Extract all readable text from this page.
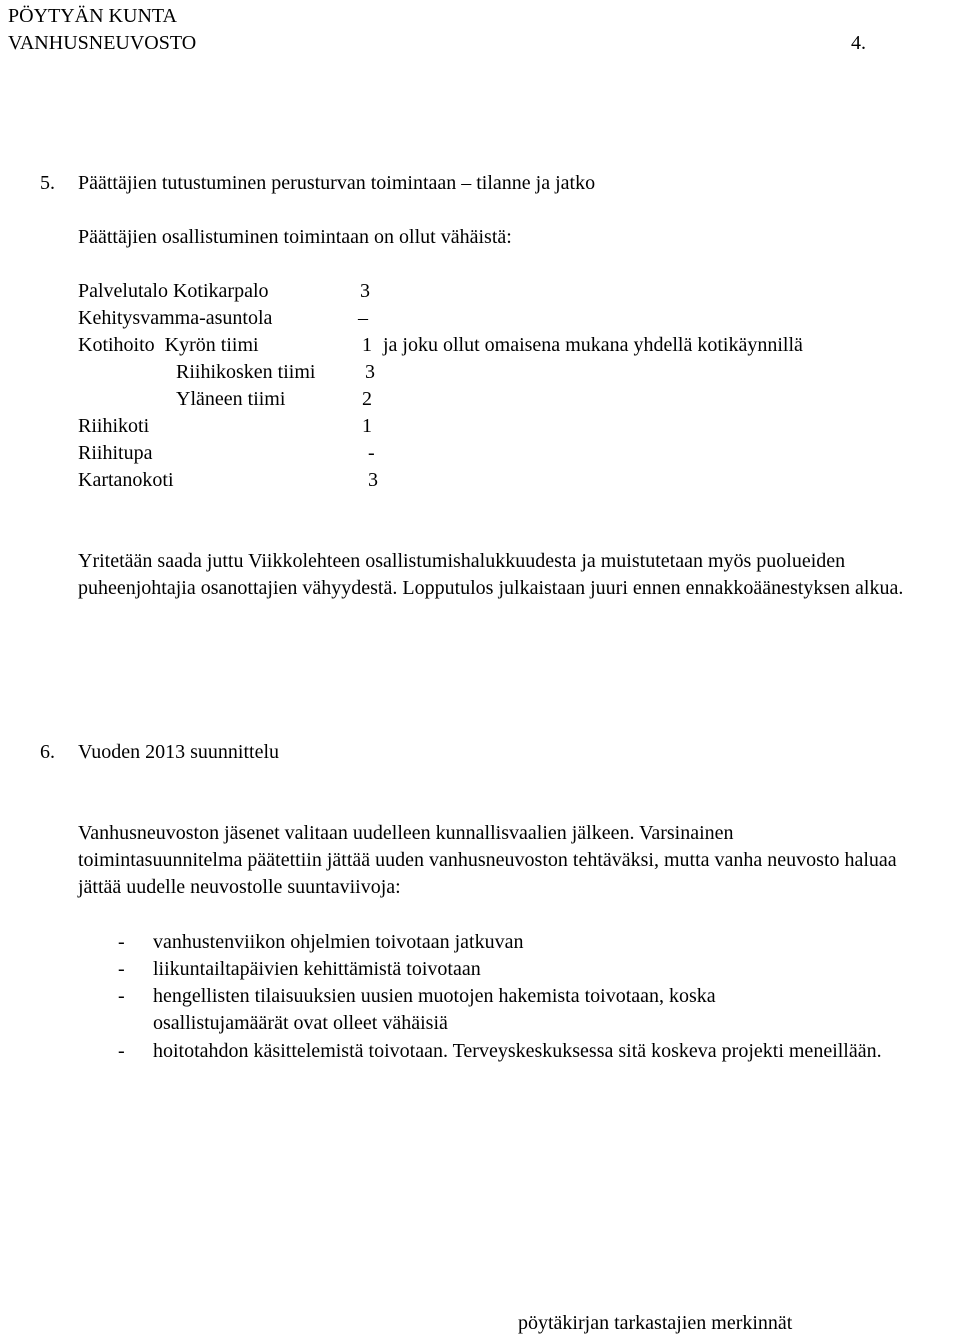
PÖYTYÄN KUNTA
VANHUSNEUVOSTO	4.
5. Päättäjien tutustuminen perusturvan toimintaan – tilanne ja jatko
Päättäjien osallistuminen toimintaan on ollut vähäistä:
Palvelutalo Kotikarpalo	3
Kehitysvamma-asuntola	–
Kotihoito  Kyrön tiimi	1 ja joku ollut omaisena mukana yhdellä kotikäynnillä
Riihikosken tiimi 3
Yläneen tiimi	2
Riihikoti	1
Riihitupa	-
Kartanokoti	3
Yritetään saada juttu Viikkolehteen osallistumishalukkuudesta ja muistutetaan myös puolueiden puheenjohtajia osanottajien vähyydestä. Lopputulos julkaistaan juuri ennen ennakkoäänestyksen alkua.
6. Vuoden 2013 suunnittelu
Vanhusneuvoston jäsenet valitaan uudelleen kunnallisvaalien jälkeen. Varsinainen toimintasuunnitelma päätettiin jättää uuden vanhusneuvoston tehtäväksi, mutta vanha neuvosto haluaa jättää uudelle neuvostolle suuntaviivoja:
- vanhustenviikon ohjelmien toivotaan jatkuvan
- liikuntailtapäivien kehittämistä toivotaan
- hengellisten tilaisuuksien uusien muotojen hakemista toivotaan, koska osallistujamäärät ovat olleet vähäisiä
- hoitotahdon käsittelemistä toivotaan. Terveyskeskuksessa sitä koskeva projekti meneillään.
pöytäkirjan tarkastajien merkinnät
